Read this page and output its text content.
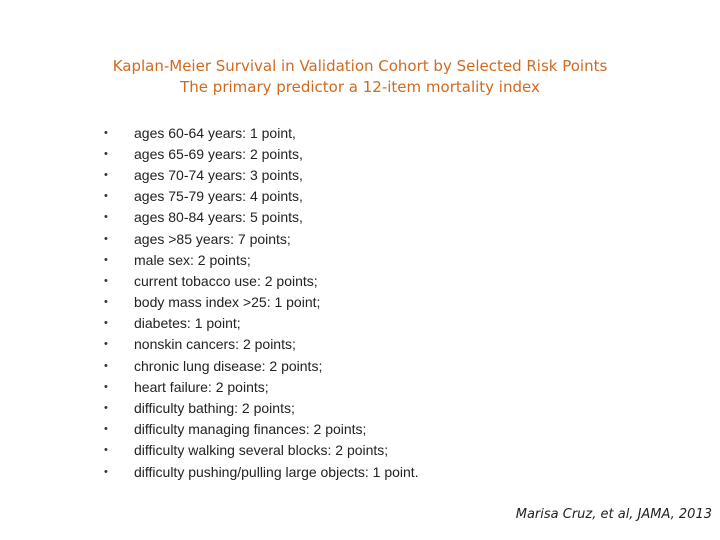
Kaplan-Meier Survival in Validation Cohort by Selected Risk Points
The primary predictor a 12-item mortality index
•	ages 60-64 years: 1 point,
•	ages 65-69 years: 2 points,
•	ages 70-74 years: 3 points,
•	ages 75-79 years: 4 points,
•	ages 80-84 years: 5 points,
•	ages >85 years: 7 points;
•	male sex: 2 points;
•	current tobacco use: 2 points;
•	body mass index >25: 1 point;
•	diabetes: 1 point;
•	nonskin cancers: 2 points;
•	chronic lung disease: 2 points;
•	heart failure: 2 points;
•	difficulty bathing: 2 points;
•	difficulty managing finances: 2 points;
•	difficulty walking several blocks: 2 points;
•	difficulty pushing/pulling large objects: 1 point.
Marisa Cruz, et al, JAMA, 2013
